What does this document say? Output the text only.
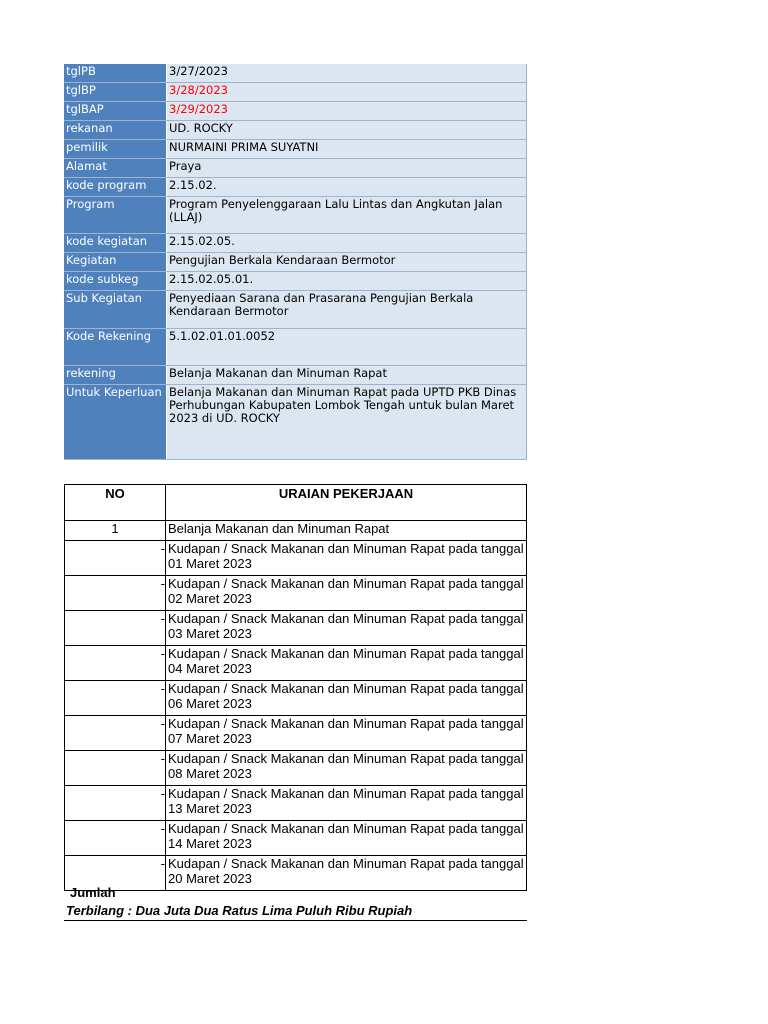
tglPB	3/27/2023
tglBP	3/28/2023
tglBAP	3/29/2023
rekanan	UD. ROCKY
pemilik	NURMAINI PRIMA SUYATNI
Alamat	Praya
kode program	2.15.02.
Program	Program Penyelenggaraan Lalu Lintas dan Angkutan Jalan (LLAJ)
kode kegiatan	2.15.02.05.
Kegiatan	Pengujian Berkala Kendaraan Bermotor
kode subkeg	2.15.02.05.01.
Sub Kegiatan	Penyediaan Sarana dan Prasarana Pengujian Berkala Kendaraan Bermotor
Kode Rekening	5.1.02.01.01.0052
rekening	Belanja Makanan dan Minuman Rapat
Untuk Keperluan	Belanja Makanan dan Minuman Rapat pada UPTD PKB Dinas Perhubungan Kabupaten Lombok Tengah untuk bulan Maret 2023 di UD. ROCKY
NO	URAIAN PEKERJAAN
1	Belanja Makanan dan Minuman Rapat
-	Kudapan / Snack Makanan dan Minuman Rapat pada tanggal 01 Maret 2023
-	Kudapan / Snack Makanan dan Minuman Rapat pada tanggal 02 Maret 2023
-	Kudapan / Snack Makanan dan Minuman Rapat pada tanggal 03 Maret 2023
-	Kudapan / Snack Makanan dan Minuman Rapat pada tanggal 04 Maret 2023
-	Kudapan / Snack Makanan dan Minuman Rapat pada tanggal 06 Maret 2023
-	Kudapan / Snack Makanan dan Minuman Rapat pada tanggal 07 Maret 2023
-	Kudapan / Snack Makanan dan Minuman Rapat pada tanggal 08 Maret 2023
-	Kudapan / Snack Makanan dan Minuman Rapat pada tanggal 13 Maret 2023
-	Kudapan / Snack Makanan dan Minuman Rapat pada tanggal 14 Maret 2023
-	Kudapan / Snack Makanan dan Minuman Rapat pada tanggal 20 Maret 2023
Jumlah
Terbilang : Dua Juta Dua Ratus Lima Puluh Ribu Rupiah
